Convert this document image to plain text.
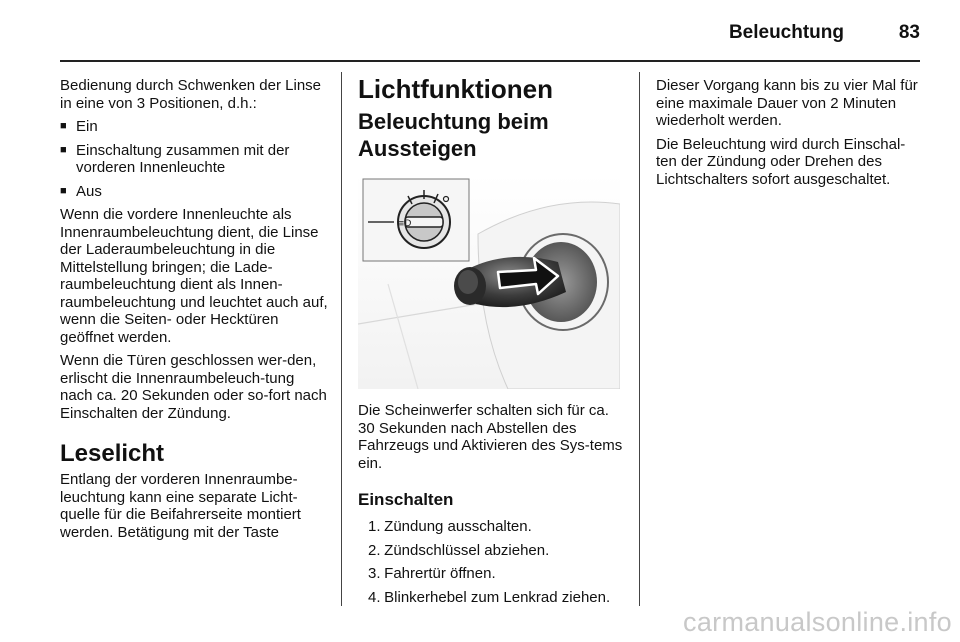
Beleuchtung	83

Bedienung durch Schwenken der Linse in eine von 3 Positionen, d.h.:

■ Ein
■ Einschaltung zusammen mit der vorderen Innenleuchte
■ Aus

Wenn die vordere Innenleuchte als Innenraumbeleuchtung dient, die Linse der Laderaumbeleuchtung in die Mittelstellung bringen; die Lade-raumbeleuchtung dient als Innen-raumbeleuchtung und leuchtet auch auf, wenn die Seiten- oder Hecktüren geöffnet werden.

Wenn die Türen geschlossen wer-den, erlischt die Innenraumbeleuch-tung nach ca. 20 Sekunden oder so-fort nach Einschalten der Zündung.

Leselicht

Entlang der vorderen Innenraumbe-leuchtung kann eine separate Licht-quelle für die Beifahrerseite montiert werden. Betätigung mit der Taste

Lichtfunktionen
Beleuchtung beim Aussteigen
≡D

Die Scheinwerfer schalten sich für ca. 30 Sekunden nach Abstellen des Fahrzeugs und Aktivieren des Sys-tems ein.

Einschalten
1. Zündung ausschalten.
2. Zündschlüssel abziehen.
3. Fahrertür öffnen.
4. Blinkerhebel zum Lenkrad ziehen.

Dieser Vorgang kann bis zu vier Mal für eine maximale Dauer von 2 Minuten wiederholt werden.

Die Beleuchtung wird durch Einschal-ten der Zündung oder Drehen des Lichtschalters sofort ausgeschaltet.

carmanualsonline.info
